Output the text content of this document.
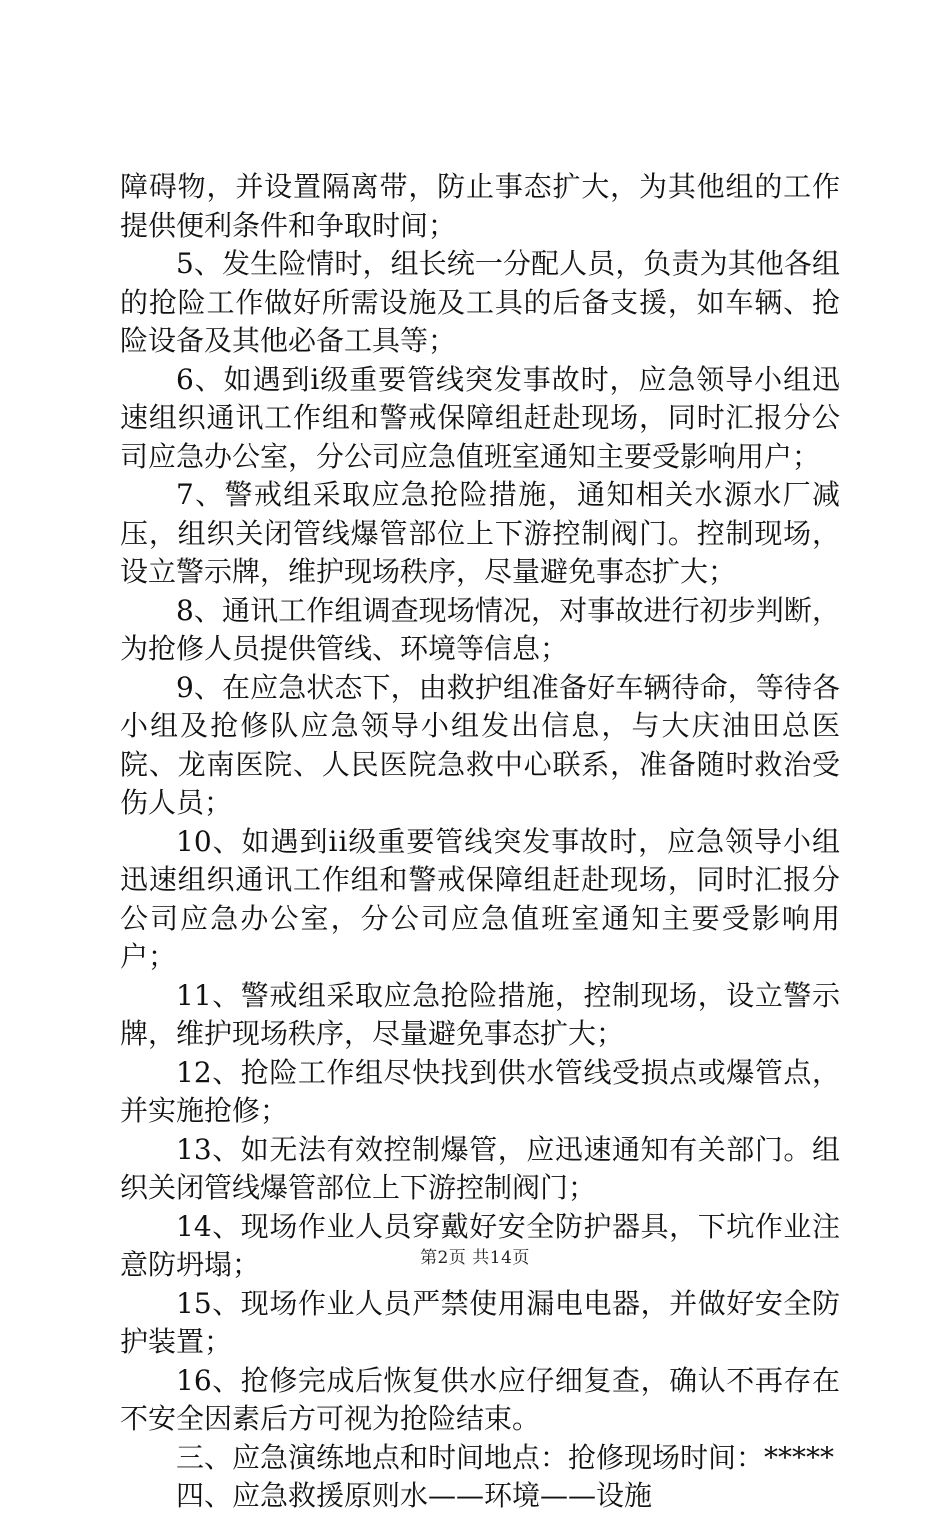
障碍物，并设置隔离带，防止事态扩大，为其他组的工作提供便利条件和争取时间；

5、发生险情时，组长统一分配人员，负责为其他各组的抢险工作做好所需设施及工具的后备支援，如车辆、抢险设备及其他必备工具等；

6、如遇到ⅰ级重要管线突发事故时，应急领导小组迅速组织通讯工作组和警戒保障组赶赴现场，同时汇报分公司应急办公室，分公司应急值班室通知主要受影响用户；

7、警戒组采取应急抢险措施，通知相关水源水厂减压，组织关闭管线爆管部位上下游控制阀门。控制现场，设立警示牌，维护现场秩序，尽量避免事态扩大；

8、通讯工作组调查现场情况，对事故进行初步判断，为抢修人员提供管线、环境等信息；

9、在应急状态下，由救护组准备好车辆待命，等待各小组及抢修队应急领导小组发出信息，与大庆油田总医院、龙南医院、人民医院急救中心联系，准备随时救治受伤人员；

10、如遇到ⅰⅰ级重要管线突发事故时，应急领导小组迅速组织通讯工作组和警戒保障组赶赴现场，同时汇报分公司应急办公室，分公司应急值班室通知主要受影响用户；

11、警戒组采取应急抢险措施，控制现场，设立警示牌，维护现场秩序，尽量避免事态扩大；

12、抢险工作组尽快找到供水管线受损点或爆管点，并实施抢修；

13、如无法有效控制爆管，应迅速通知有关部门。组织关闭管线爆管部位上下游控制阀门；

14、现场作业人员穿戴好安全防护器具，下坑作业注意防坍塌；

15、现场作业人员严禁使用漏电电器，并做好安全防护装置；

16、抢修完成后恢复供水应仔细复查，确认不再存在不安全因素后方可视为抢险结束。

三、应急演练地点和时间地点：抢修现场时间：*****

四、应急救援原则水——环境——设施

第2页 共14页
